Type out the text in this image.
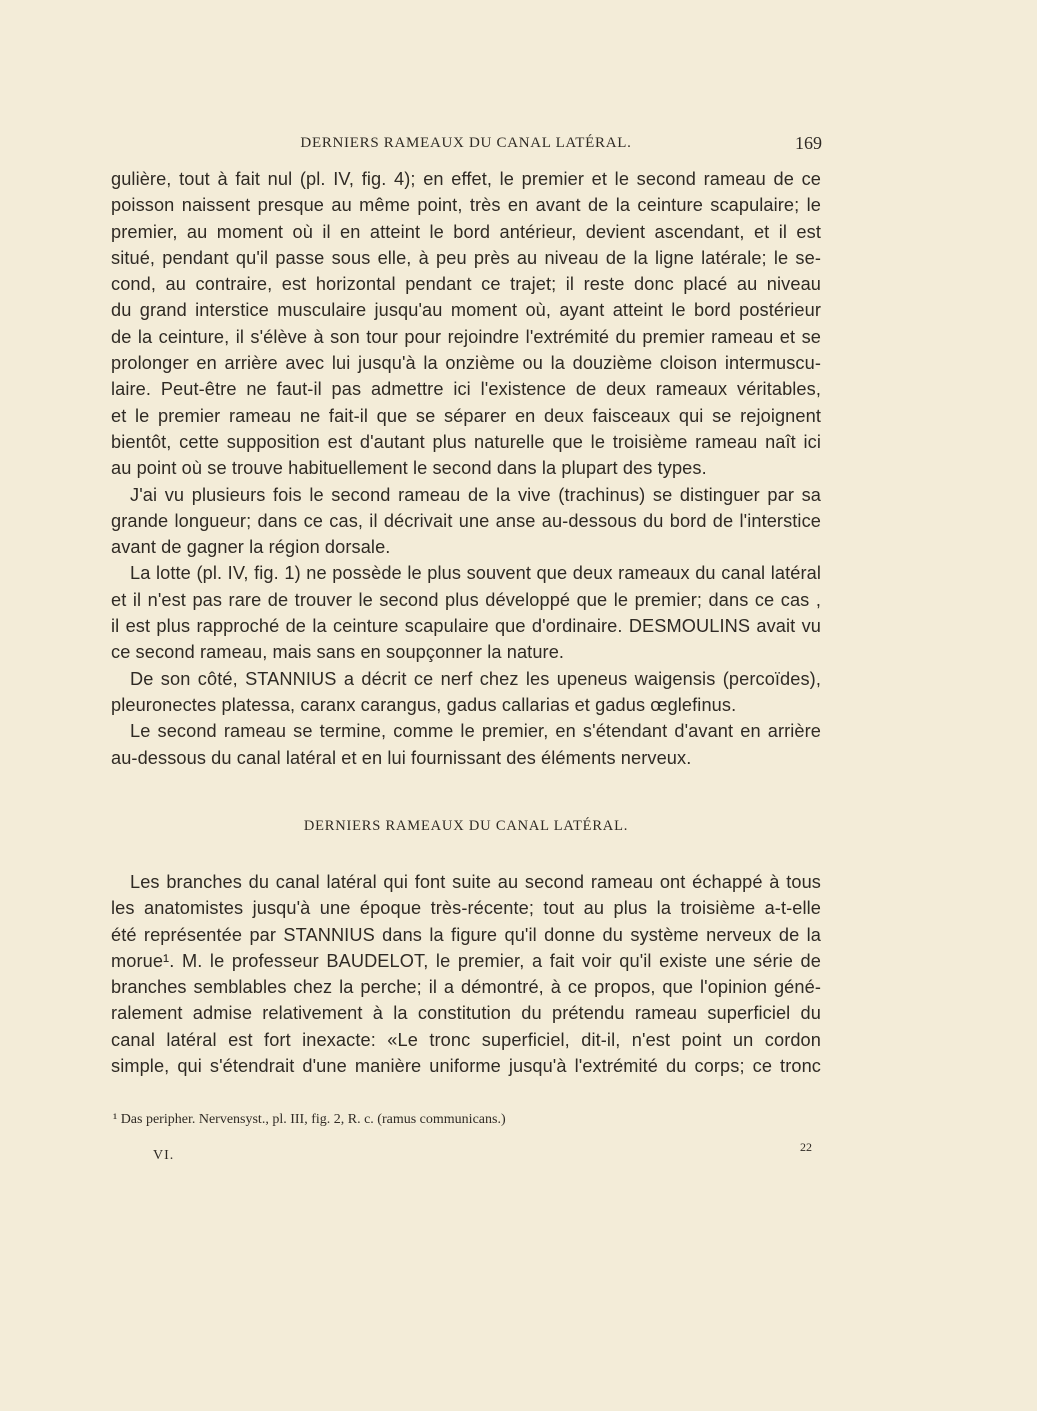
DERNIERS RAMEAUX DU CANAL LATÉRAL.	169
gulière, tout à fait nul (pl. IV, fig. 4); en effet, le premier et le second rameau de ce
poisson naissent presque au même point, très en avant de la ceinture scapulaire; le
premier, au moment où il en atteint le bord antérieur, devient ascendant, et il est
situé, pendant qu'il passe sous elle, à peu près au niveau de la ligne latérale; le se-
cond, au contraire, est horizontal pendant ce trajet; il reste donc placé au niveau
du grand interstice musculaire jusqu'au moment où, ayant atteint le bord postérieur
de la ceinture, il s'élève à son tour pour rejoindre l'extrémité du premier rameau et se
prolonger en arrière avec lui jusqu'à la onzième ou la douzième cloison intermuscu-
laire. Peut-être ne faut-il pas admettre ici l'existence de deux rameaux véritables,
et le premier rameau ne fait-il que se séparer en deux faisceaux qui se rejoignent
bientôt, cette supposition est d'autant plus naturelle que le troisième rameau naît ici
au point où se trouve habituellement le second dans la plupart des types.
J'ai vu plusieurs fois le second rameau de la vive (trachinus) se distinguer par sa
grande longueur; dans ce cas, il décrivait une anse au-dessous du bord de l'interstice
avant de gagner la région dorsale.
La lotte (pl. IV, fig. 1) ne possède le plus souvent que deux rameaux du canal latéral
et il n'est pas rare de trouver le second plus développé que le premier; dans ce cas ,
il est plus rapproché de la ceinture scapulaire que d'ordinaire. DESMOULINS avait vu
ce second rameau, mais sans en soupçonner la nature.
De son côté, STANNIUS a décrit ce nerf chez les upeneus waigensis (percoïdes),
pleuronectes platessa, caranx carangus, gadus callarias et gadus œglefinus.
Le second rameau se termine, comme le premier, en s'étendant d'avant en arrière
au-dessous du canal latéral et en lui fournissant des éléments nerveux.
DERNIERS RAMEAUX DU CANAL LATÉRAL.
Les branches du canal latéral qui font suite au second rameau ont échappé à tous
les anatomistes jusqu'à une époque très-récente; tout au plus la troisième a-t-elle
été représentée par STANNIUS dans la figure qu'il donne du système nerveux de la
morue¹. M. le professeur BAUDELOT, le premier, a fait voir qu'il existe une série de
branches semblables chez la perche; il a démontré, à ce propos, que l'opinion géné-
ralement admise relativement à la constitution du prétendu rameau superficiel du
canal latéral est fort inexacte: «Le tronc superficiel, dit-il, n'est point un cordon
simple, qui s'étendrait d'une manière uniforme jusqu'à l'extrémité du corps; ce tronc
¹ Das peripher. Nervensyst., pl. III, fig. 2, R. c. (ramus communicans.)
VI.
22
